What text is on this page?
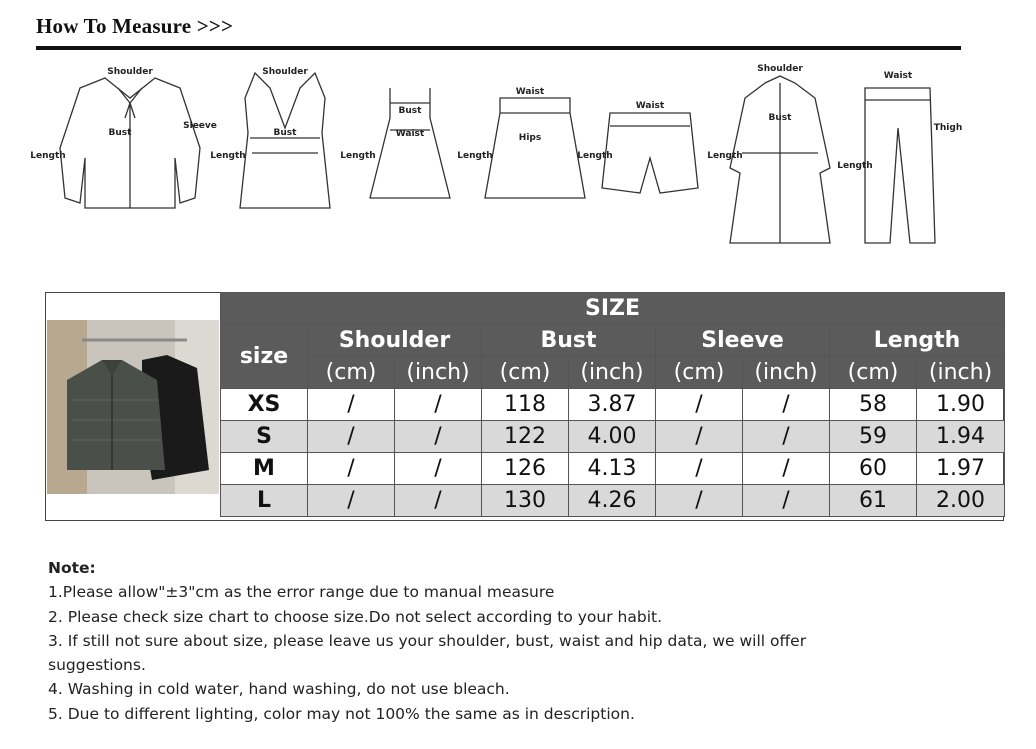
How To Measure >>>
Shoulder
Bust
Sleeve
Length
Shoulder
Bust
Length
Bust
Waist
Length
Waist
Hips
Length
Waist
Length
Shoulder
Bust
Length
Waist
Thigh
Length
SIZE								
size	Shoulder		Bust		Sleeve		Length	
	(cm)	(inch)	(cm)	(inch)	(cm)	(inch)	(cm)	(inch)
XS	/	/	118	3.87	/	/	58	1.90
S	/	/	122	4.00	/	/	59	1.94
M	/	/	126	4.13	/	/	60	1.97
L	/	/	130	4.26	/	/	61	2.00
Note:
1.Please allow"±3"cm as the error range due to manual measure
2. Please check size chart to choose size.Do not select according to your habit.
3. If still not sure about size, please leave us your shoulder, bust, waist and hip data, we will offer
suggestions.
4. Washing in cold water, hand washing, do not use bleach.
5. Due to different lighting, color may not 100% the same as in description.
